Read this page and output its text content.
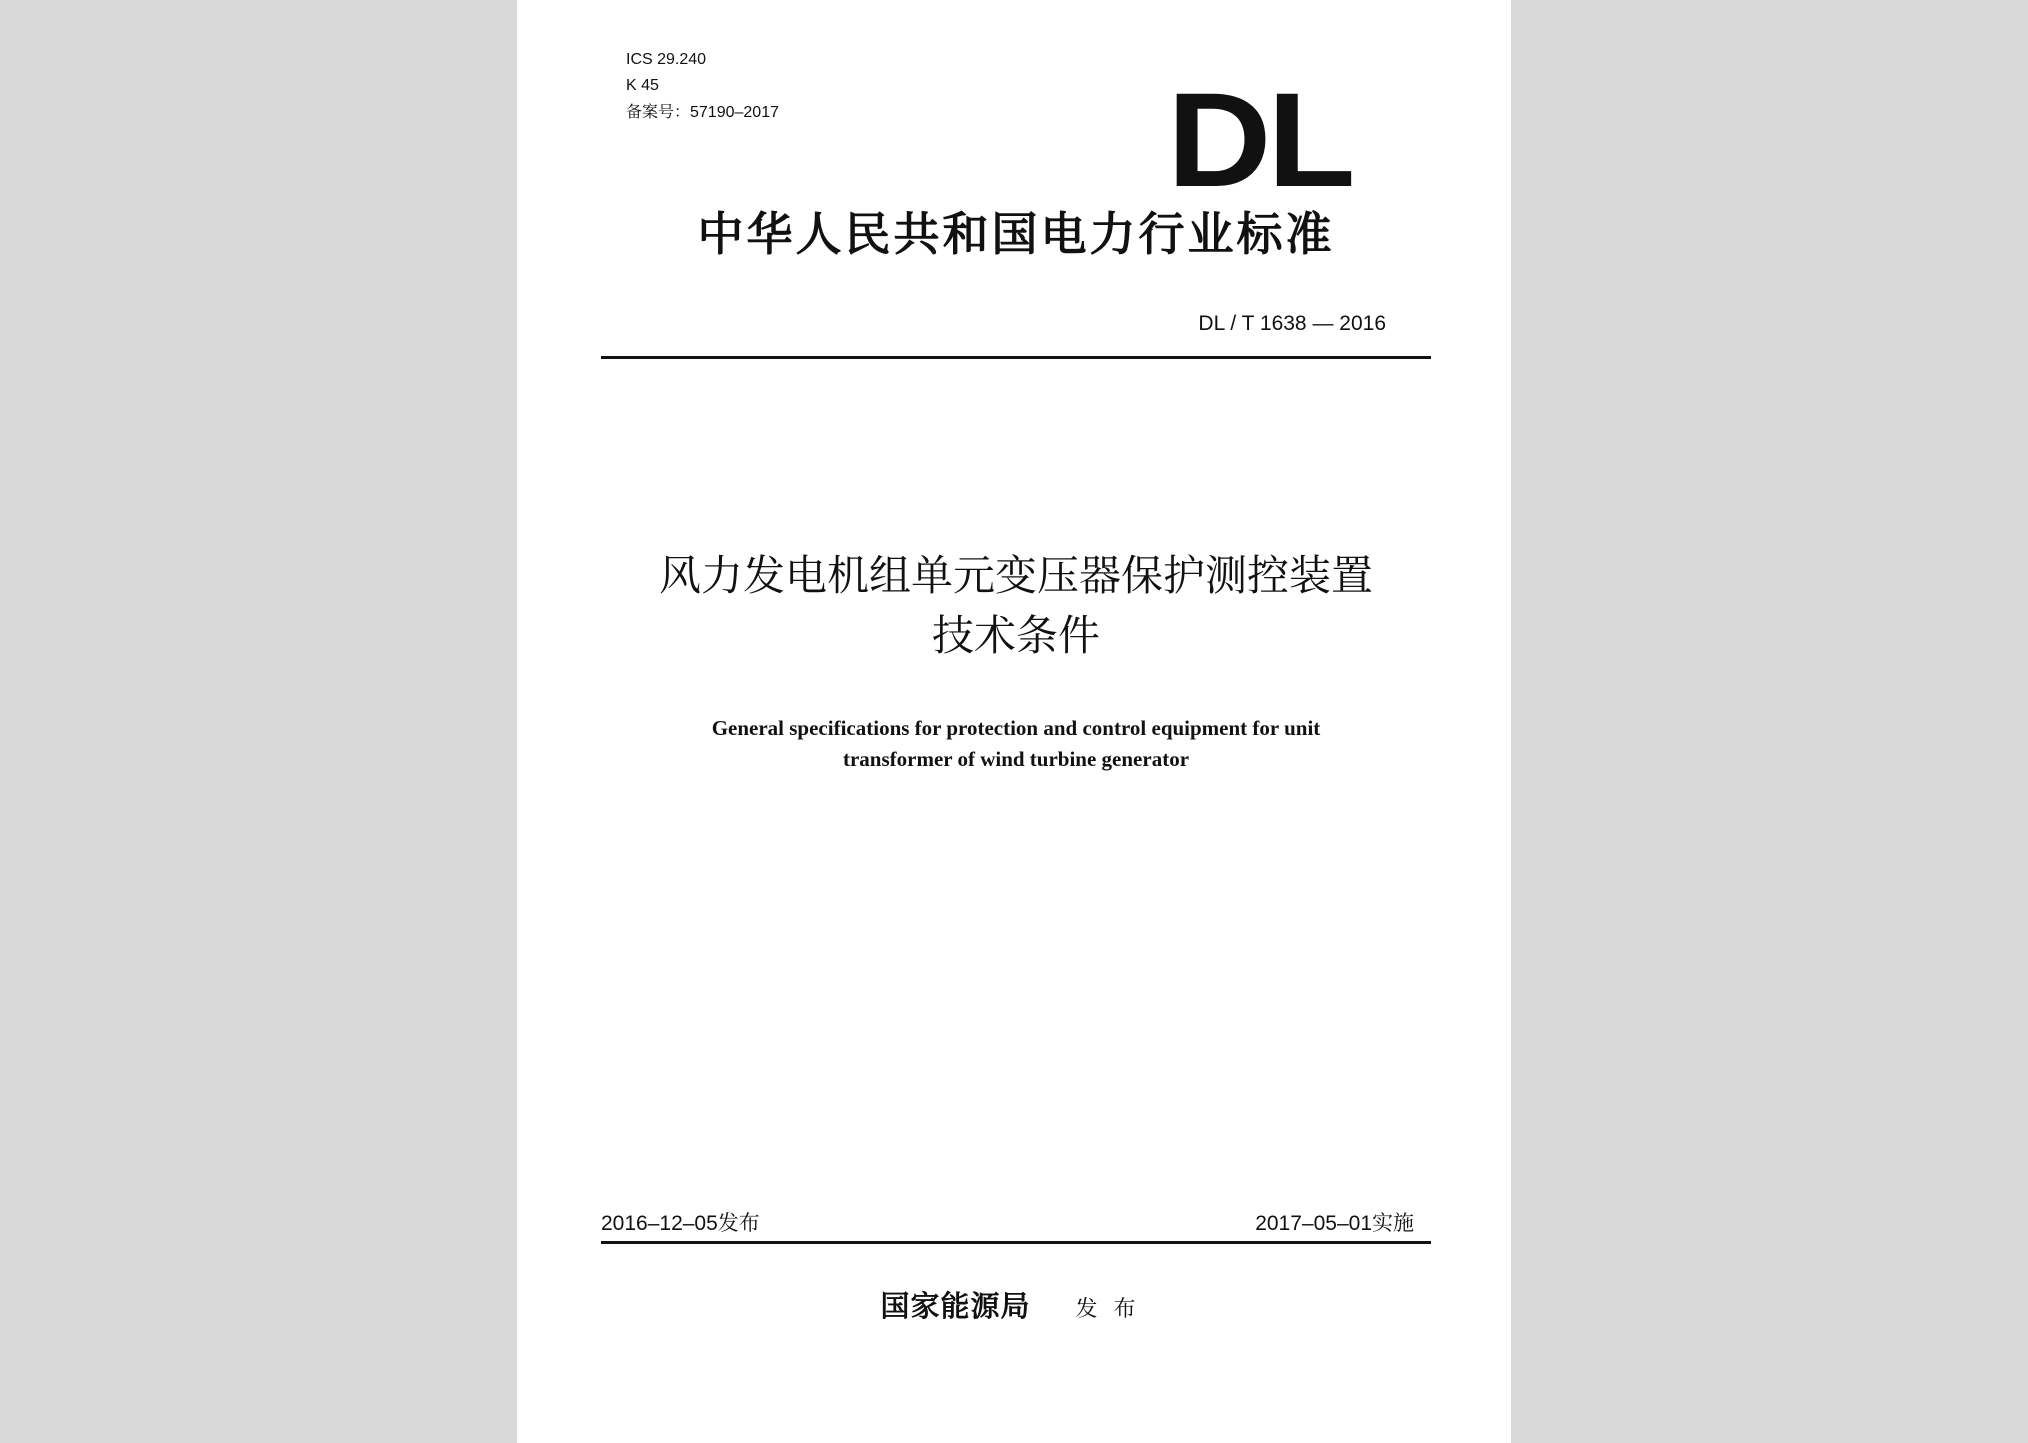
ICS 29.240
K 45
备案号：57190–2017	DL
中华人民共和国电力行业标准
DL / T 1638 — 2016
风力发电机组单元变压器保护测控装置
技术条件
General specifications for protection and control equipment for unit
transformer of wind turbine generator
2016–12–05发布	2017–05–01实施
国家能源局 发布
